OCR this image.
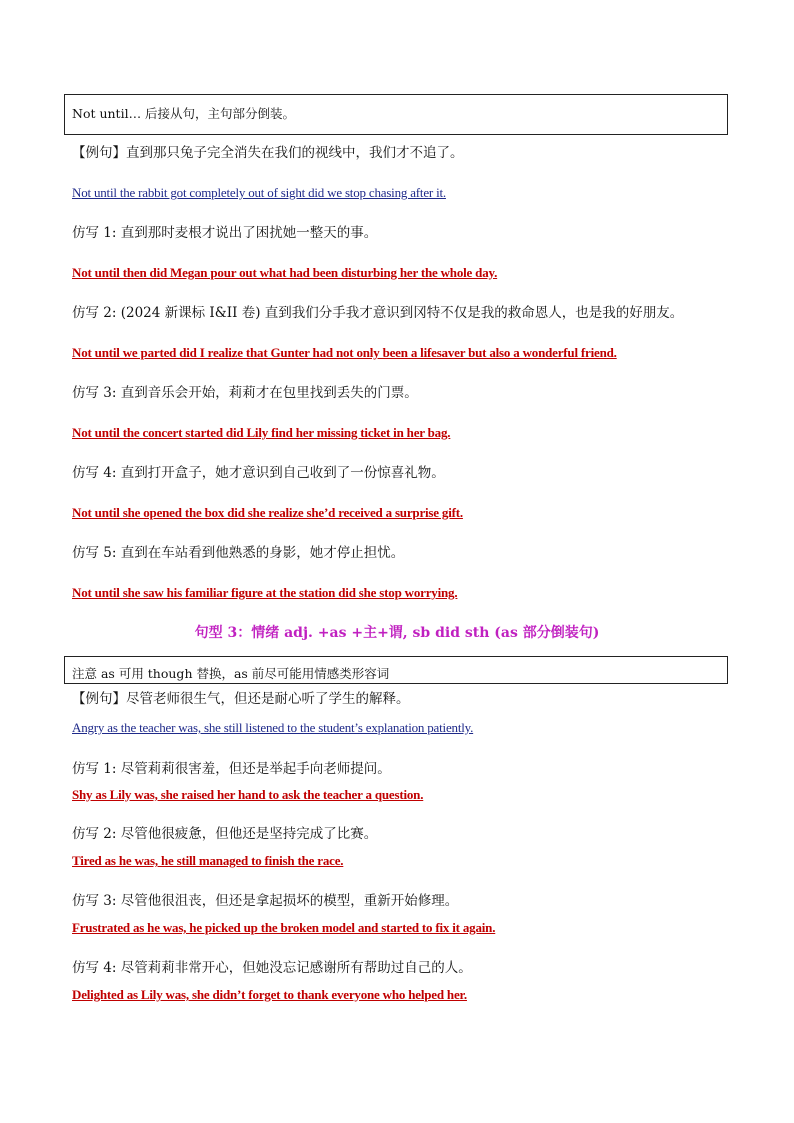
Not until… 后接从句，主句部分倒装。
【例句】直到那只兔子完全消失在我们的视线中，我们才不追了。
Not until the rabbit got completely out of sight did we stop chasing after it.
仿写 1: 直到那时麦根才说出了困扰她一整天的事。
Not until then did Megan pour out what had been disturbing her the whole day.
仿写 2: (2024 新课标 I&II 卷) 直到我们分手我才意识到冈特不仅是我的救命恩人，也是我的好朋友。
Not until we parted did I realize that Gunter had not only been a lifesaver but also a wonderful friend.
仿写 3: 直到音乐会开始，莉莉才在包里找到丢失的门票。
Not until the concert started did Lily find her missing ticket in her bag.
仿写 4: 直到打开盒子，她才意识到自己收到了一份惊喜礼物。
Not until she opened the box did she realize she’d received a surprise gift.
仿写 5: 直到在车站看到他熟悉的身影，她才停止担忧。
Not until she saw his familiar figure at the station did she stop worrying.
句型 3：情绪 adj. +as +主+谓, sb did sth (as 部分倒装句)
注意 as 可用 though 替换，as 前尽可能用情感类形容词
【例句】尽管老师很生气，但还是耐心听了学生的解释。
Angry as the teacher was, she still listened to the student’s explanation patiently.
仿写 1: 尽管莉莉很害羞，但还是举起手向老师提问。
Shy as Lily was, she raised her hand to ask the teacher a question.
仿写 2: 尽管他很疲惫，但他还是坚持完成了比赛。
Tired as he was, he still managed to finish the race.
仿写 3: 尽管他很沮丧，但还是拿起损坏的模型，重新开始修理。
Frustrated as he was, he picked up the broken model and started to fix it again.
仿写 4: 尽管莉莉非常开心，但她没忘记感谢所有帮助过自己的人。
Delighted as Lily was, she didn’t forget to thank everyone who helped her.
